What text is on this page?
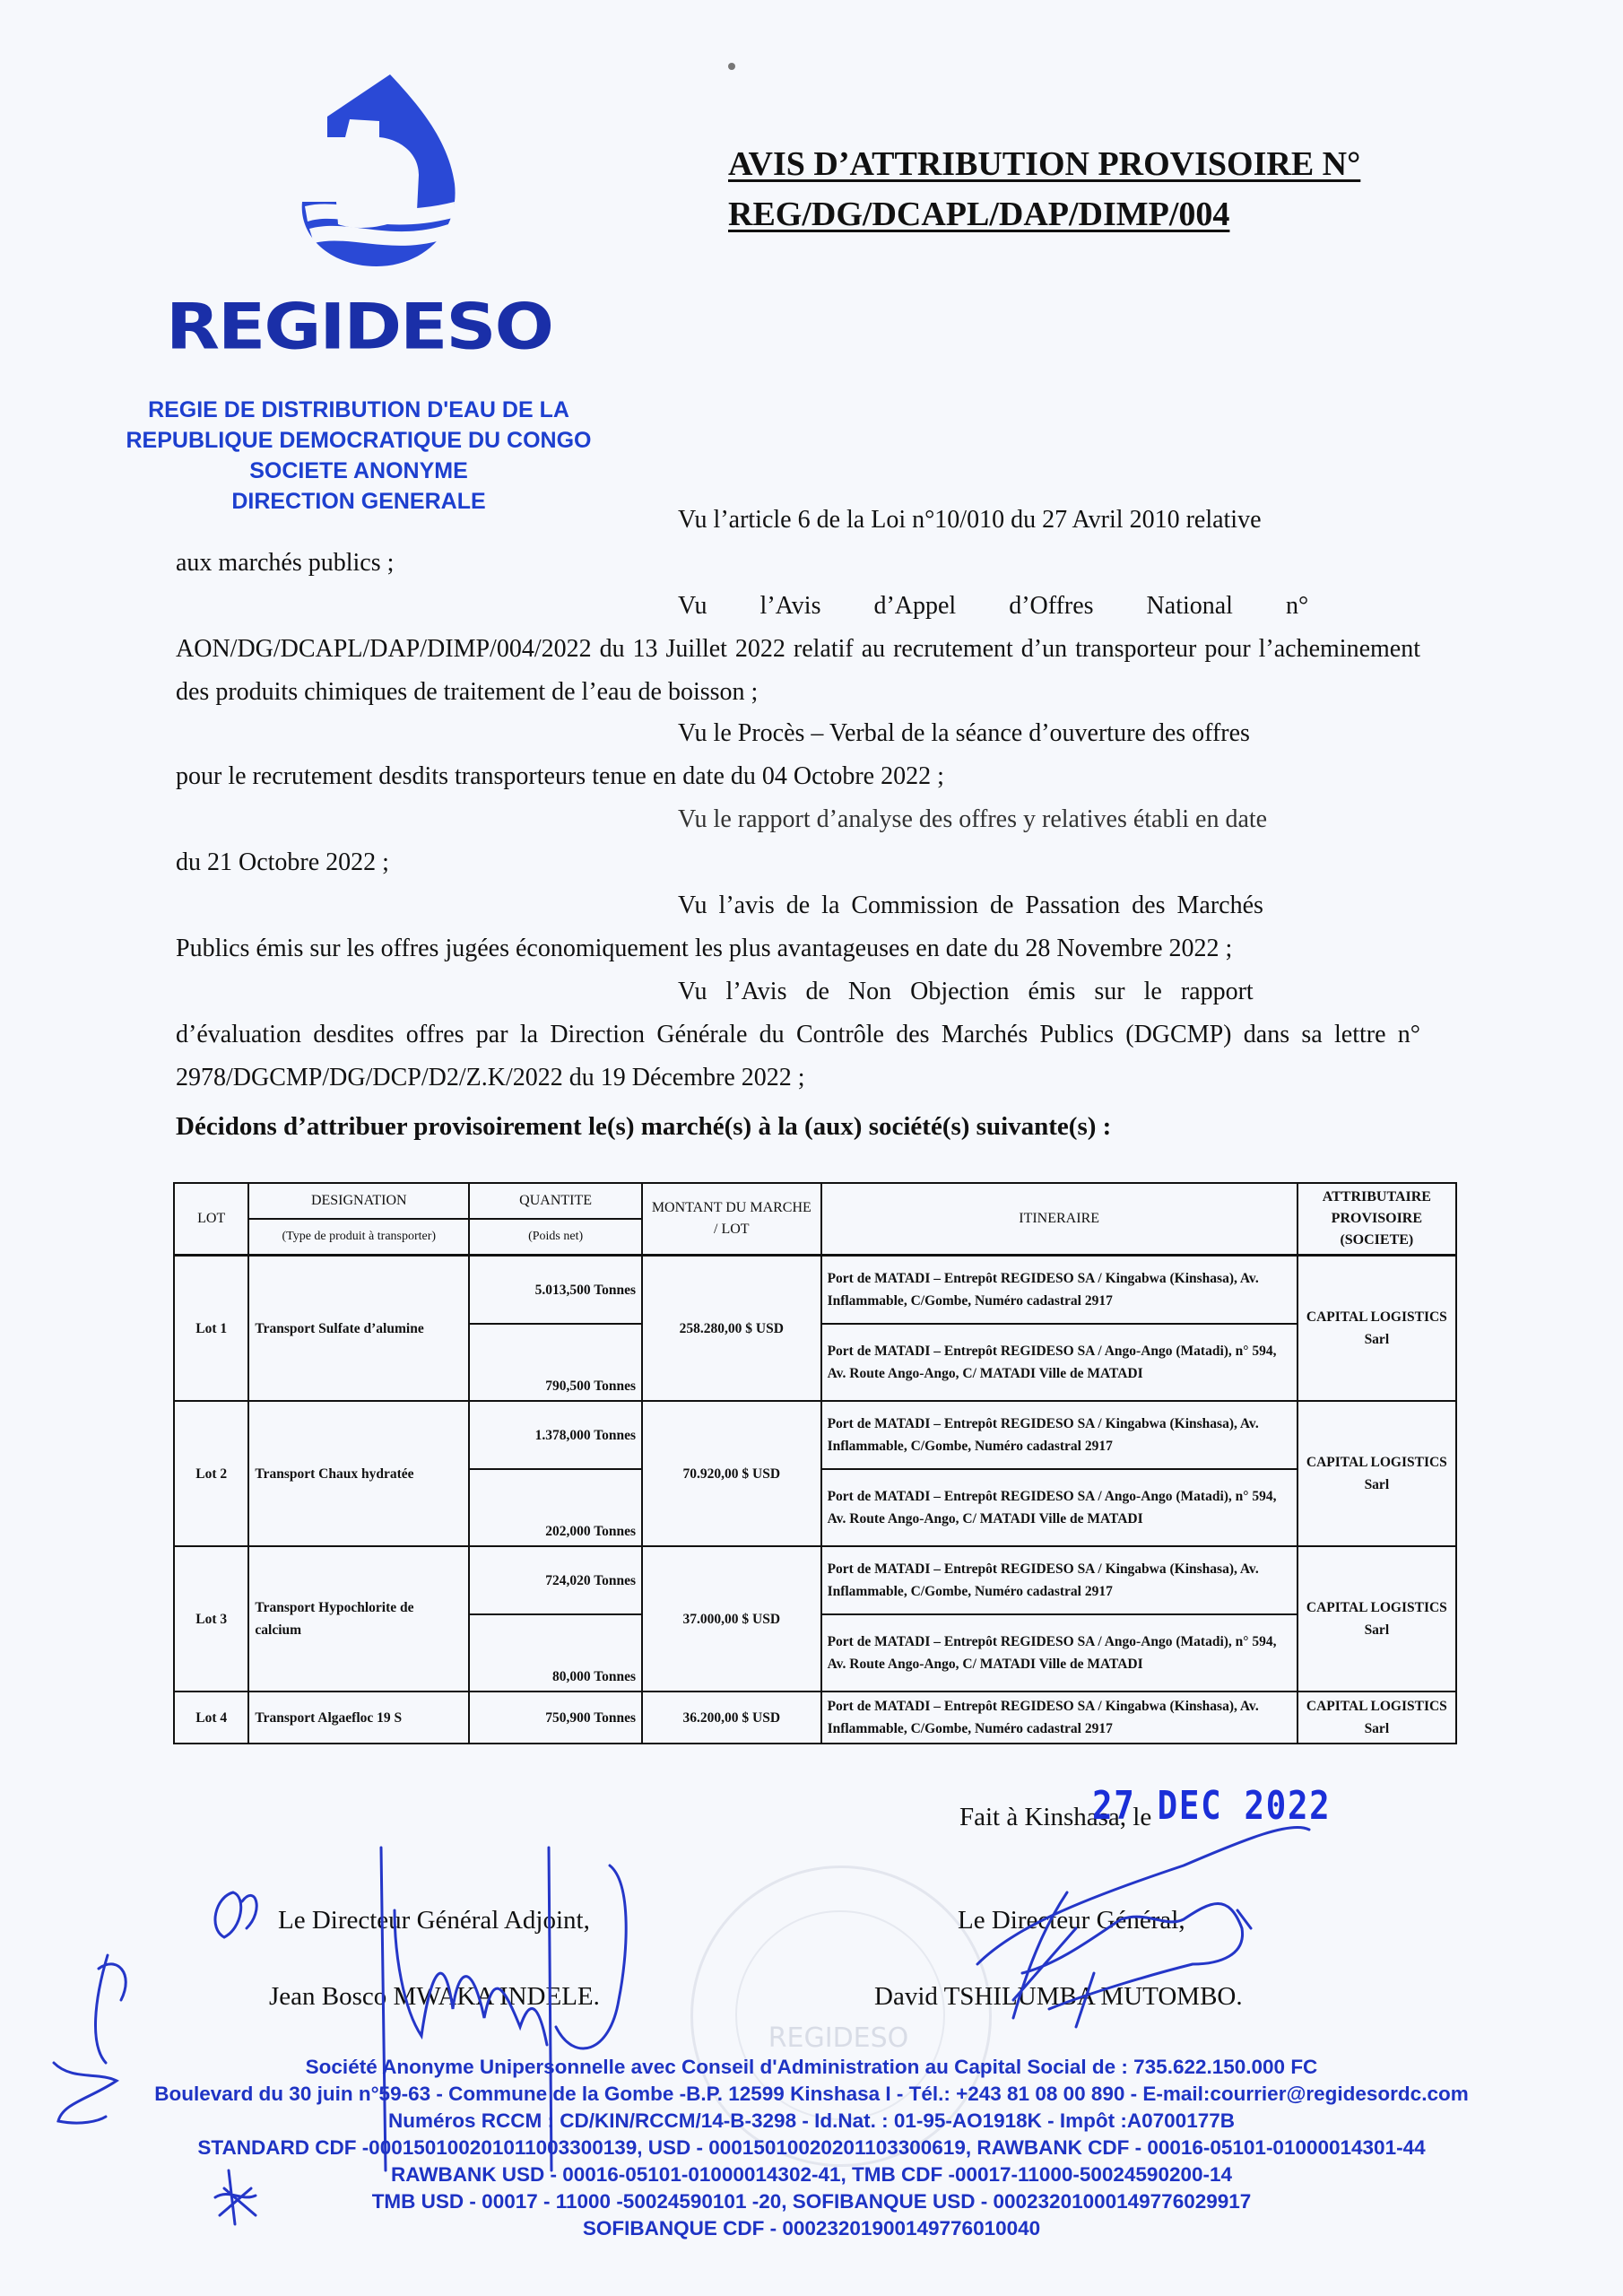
REGIDESO
REGIE DE DISTRIBUTION D'EAU DE LA
REPUBLIQUE DEMOCRATIQUE DU CONGO
SOCIETE ANONYME
DIRECTION GENERALE
AVIS D’ATTRIBUTION PROVISOIRE N°
REG/DG/DCAPL/DAP/DIMP/004
Vu l’article 6 de la Loi n°10/010 du 27 Avril 2010 relative
aux marchés publics ;
Vu l’Avis d’Appel d’Offres National n°
AON/DG/DCAPL/DAP/DIMP/004/2022 du 13 Juillet 2022 relatif au recrutement d’un transporteur pour l’acheminement des produits chimiques de traitement de l’eau de boisson ;
Vu le Procès – Verbal de la séance d’ouverture des offres
pour le recrutement desdits transporteurs tenue en date du 04 Octobre 2022 ;
Vu le rapport d’analyse des offres y relatives établi en date
du 21 Octobre 2022 ;
Vu l’avis de la Commission de Passation des Marchés
Publics émis sur les offres jugées économiquement les plus avantageuses en date du 28 Novembre 2022 ;
Vu l’Avis de Non Objection émis sur le rapport
d’évaluation desdites offres par la Direction Générale du Contrôle des Marchés Publics (DGCMP) dans sa lettre n° 2978/DGCMP/DG/DCP/D2/Z.K/2022 du 19 Décembre 2022 ;
Décidons d’attribuer provisoirement le(s) marché(s) à la (aux) société(s) suivante(s) :
LOT	DESIGNATION	QUANTITE	MONTANT DU MARCHE / LOT	ITINERAIRE	ATTRIBUTAIRE PROVISOIRE (SOCIETE)
	(Type de produit à transporter)	(Poids net)			
Lot 1	Transport Sulfate d’alumine	5.013,500 Tonnes	258.280,00 $ USD	Port de MATADI – Entrepôt REGIDESO SA / Kingabwa (Kinshasa), Av. Inflammable, C/Gombe, Numéro cadastral 2917	CAPITAL LOGISTICS Sarl
		790,500 Tonnes		Port de MATADI – Entrepôt REGIDESO SA / Ango-Ango (Matadi), n° 594, Av. Route Ango-Ango, C/ MATADI Ville de MATADI	
Lot 2	Transport Chaux hydratée	1.378,000 Tonnes	70.920,00 $ USD	Port de MATADI – Entrepôt REGIDESO SA / Kingabwa (Kinshasa), Av. Inflammable, C/Gombe, Numéro cadastral 2917	CAPITAL LOGISTICS Sarl
		202,000 Tonnes		Port de MATADI – Entrepôt REGIDESO SA / Ango-Ango (Matadi), n° 594, Av. Route Ango-Ango, C/ MATADI Ville de MATADI	
Lot 3	Transport Hypochlorite de calcium	724,020 Tonnes	37.000,00 $ USD	Port de MATADI – Entrepôt REGIDESO SA / Kingabwa (Kinshasa), Av. Inflammable, C/Gombe, Numéro cadastral 2917	CAPITAL LOGISTICS Sarl
		80,000 Tonnes		Port de MATADI – Entrepôt REGIDESO SA / Ango-Ango (Matadi), n° 594, Av. Route Ango-Ango, C/ MATADI Ville de MATADI	
Lot 4	Transport Algaefloc 19 S	750,900 Tonnes	36.200,00 $ USD	Port de MATADI – Entrepôt REGIDESO SA / Kingabwa (Kinshasa), Av. Inflammable, C/Gombe, Numéro cadastral 2917	CAPITAL LOGISTICS Sarl
Fait à Kinshasa, le
27 DEC 2022
REGIDESO
Le Directeur Général Adjoint,
Jean Bosco MWAKA INDELE.
Le Directeur Général,
David TSHILUMBA MUTOMBO.
Société Anonyme Unipersonnelle avec Conseil d'Administration au Capital Social de : 735.622.150.000 FC
Boulevard du 30 juin n°59-63 - Commune de la Gombe -B.P. 12599 Kinshasa I - Tél.: +243 81 08 00 890 - E-mail:courrier@regidesordc.com
Numéros RCCM : CD/KIN/RCCM/14-B-3298 - Id.Nat. : 01-95-AO1918K - Impôt :A0700177B
STANDARD CDF -00015010020101100330013​9, USD - 00015010020201103300619, RAWBANK CDF - 00016-05101-01000014301-44
RAWBANK USD - 00016-05101-01000014302-41, TMB CDF -00017-11000-50024590200-14
TMB USD - 00017 - 11000 -50024590101 -20, SOFIBANQUE USD - 00023201000149776029917
SOFIBANQUE CDF - 00023201900149776010040
